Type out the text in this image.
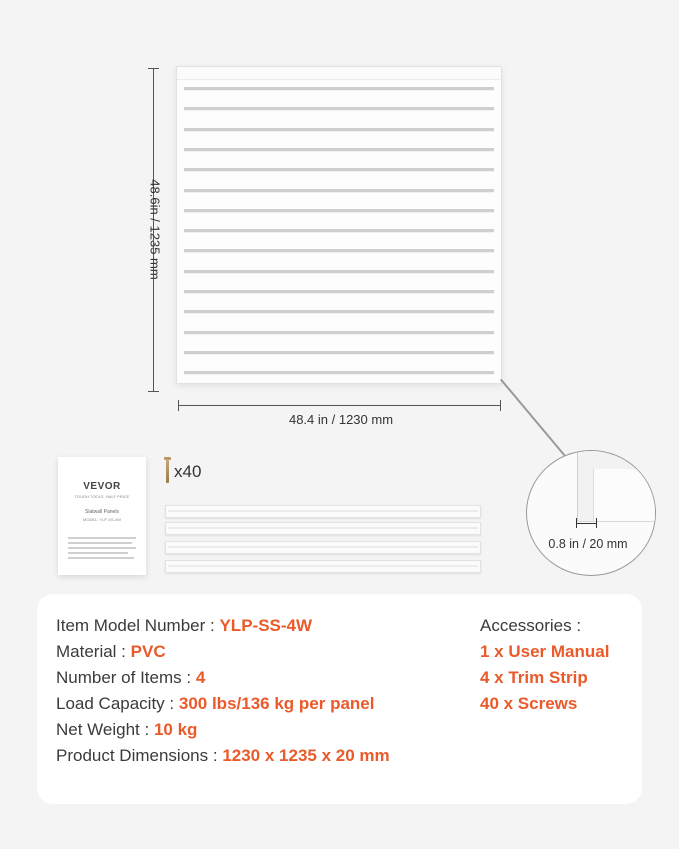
48.6in / 1235 mm
48.4 in / 1230 mm
0.8 in / 20 mm
VEVOR
TOUGH TOOLS, HALF PRICE
Slatwall Panels
MODEL: YLP-SS-4W
x40
Item Model Number : YLP-SS-4W
Material : PVC
Number of Items : 4
Load Capacity : 300 lbs/136 kg per panel
Net Weight : 10 kg
Product Dimensions : 1230 x 1235 x 20 mm
Accessories :
1 x User Manual
4 x Trim Strip
40 x Screws
